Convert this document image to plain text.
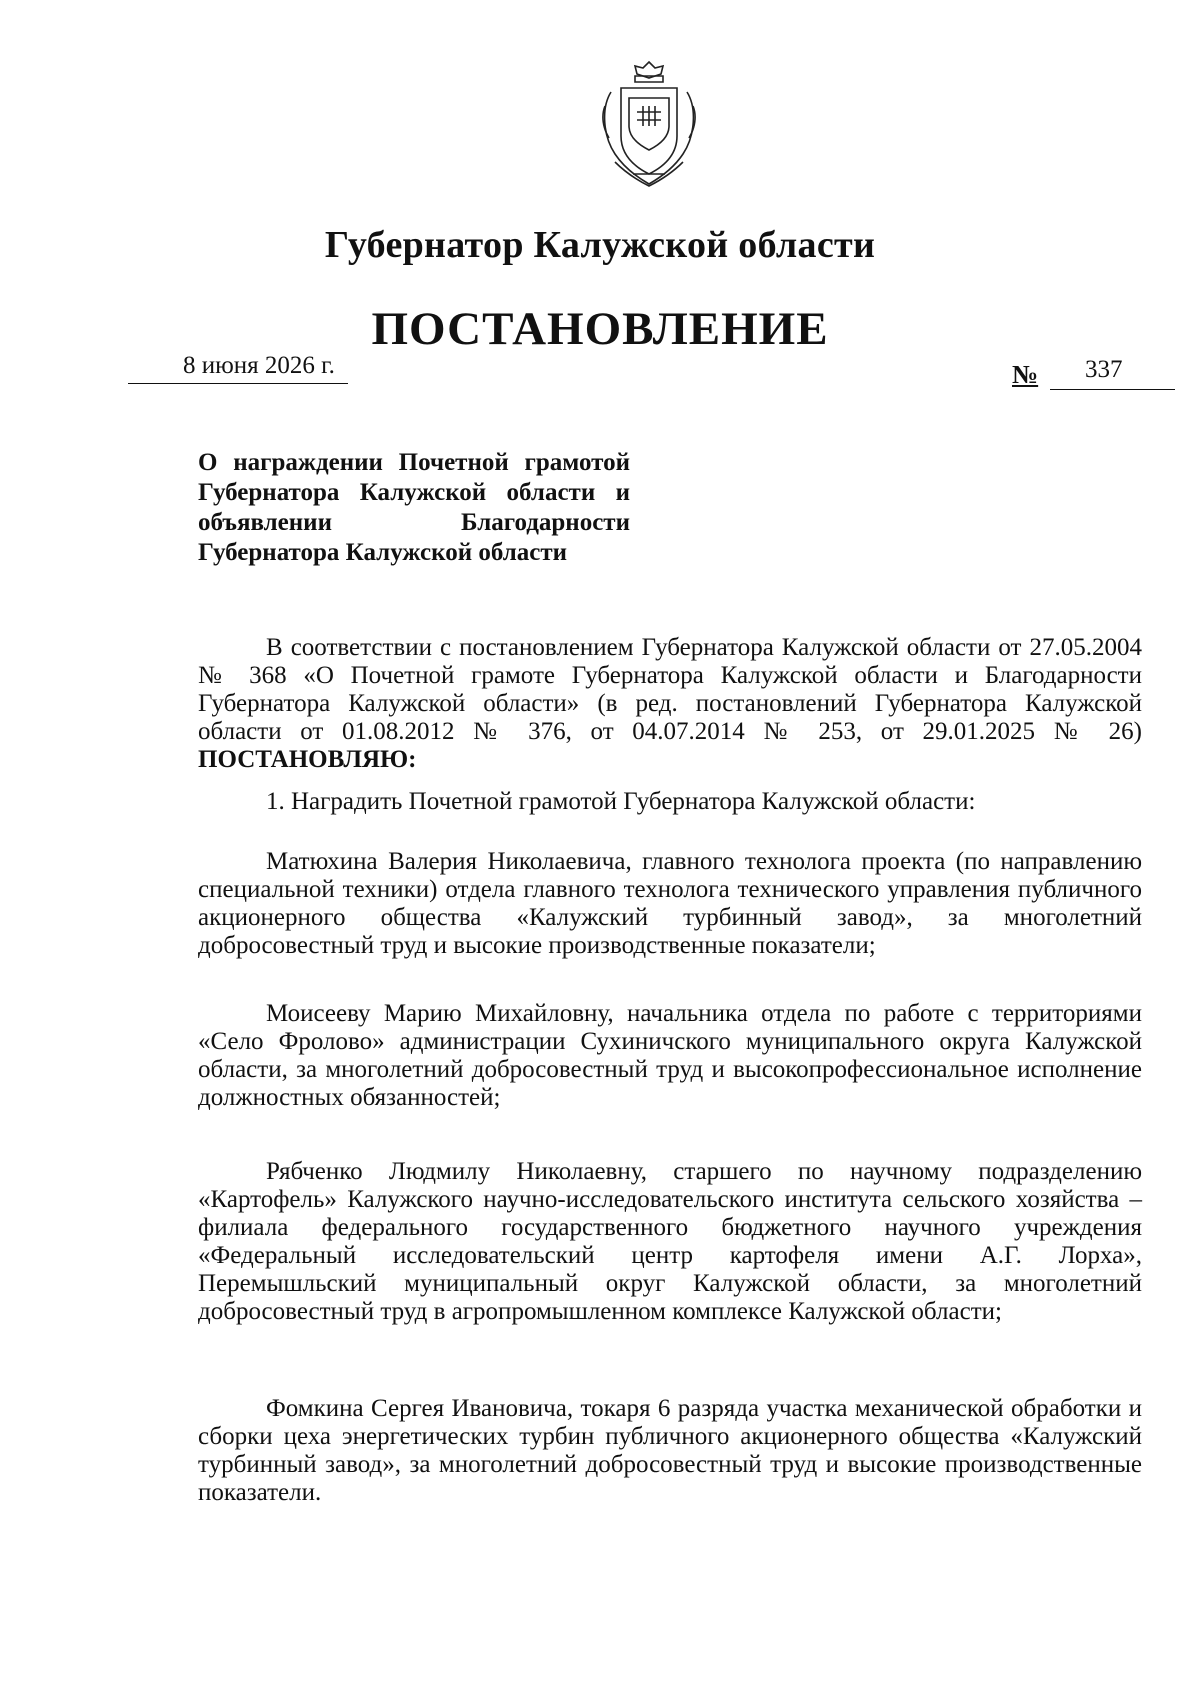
Губернатор Калужской области
ПОСТАНОВЛЕНИЕ
8 июня 2026 г.	№ 337
О награждении Почетной грамотой Губернатора Калужской области и объявлении Благодарности Губернатора Калужской области
В соответствии с постановлением Губернатора Калужской области от 27.05.2004 № 368 «О Почетной грамоте Губернатора Калужской области и Благодарности Губернатора Калужской области» (в ред. постановлений Губернатора Калужской области от 01.08.2012 № 376, от 04.07.2014 № 253, от 29.01.2025 № 26) ПОСТАНОВЛЯЮ:
1. Наградить Почетной грамотой Губернатора Калужской области:
Матюхина Валерия Николаевича, главного технолога проекта (по направлению специальной техники) отдела главного технолога технического управления публичного акционерного общества «Калужский турбинный завод», за многолетний добросовестный труд и высокие производственные показатели;
Моисееву Марию Михайловну, начальника отдела по работе с территориями «Село Фролово» администрации Сухиничского муниципального округа Калужской области, за многолетний добросовестный труд и высокопрофессиональное исполнение должностных обязанностей;
Рябченко Людмилу Николаевну, старшего по научному подразделению «Картофель» Калужского научно-исследовательского института сельского хозяйства – филиала федерального государственного бюджетного научного учреждения «Федеральный исследовательский центр картофеля имени А.Г. Лорха», Перемышльский муниципальный округ Калужской области, за многолетний добросовестный труд в агропромышленном комплексе Калужской области;
Фомкина Сергея Ивановича, токаря 6 разряда участка механической обработки и сборки цеха энергетических турбин публичного акционерного общества «Калужский турбинный завод», за многолетний добросовестный труд и высокие производственные показатели.
